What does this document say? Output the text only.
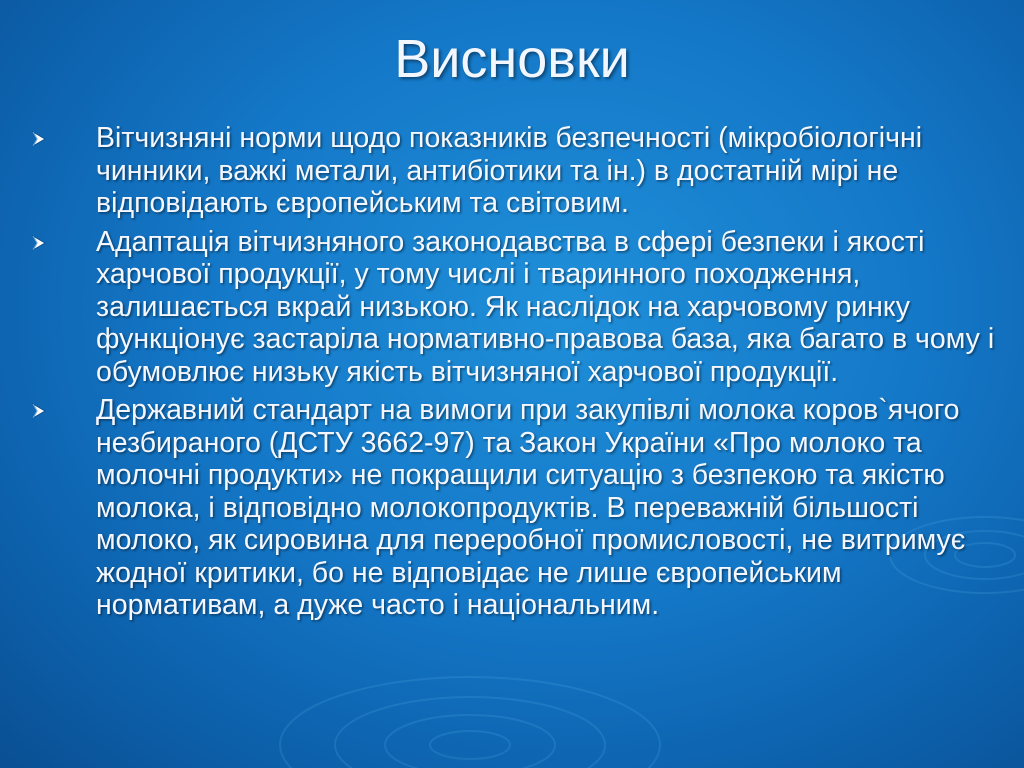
Висновки
Вітчизняні норми щодо показників безпечності (мікробіологічні чинники, важкі метали, антибіотики та ін.) в достатній мірі не відповідають європейським та світовим.
Адаптація вітчизняного законодавства в сфері безпеки і якості харчової продукції, у тому числі і тваринного походження, залишається вкрай низькою. Як наслідок на харчовому ринку функціонує застаріла нормативно-правова база, яка багато в чому і обумовлює низьку якість вітчизняної харчової продукції.
Державний стандарт на вимоги при закупівлі молока коров`ячого незбираного (ДСТУ 3662-97) та Закон України «Про молоко та молочні продукти» не покращили ситуацію з безпекою та якістю молока, і відповідно молокопродуктів. В переважній більшості молоко, як сировина для переробної промисловості, не витримує жодної критики, бо не відповідає не лише європейським нормативам, а дуже часто і національним.
